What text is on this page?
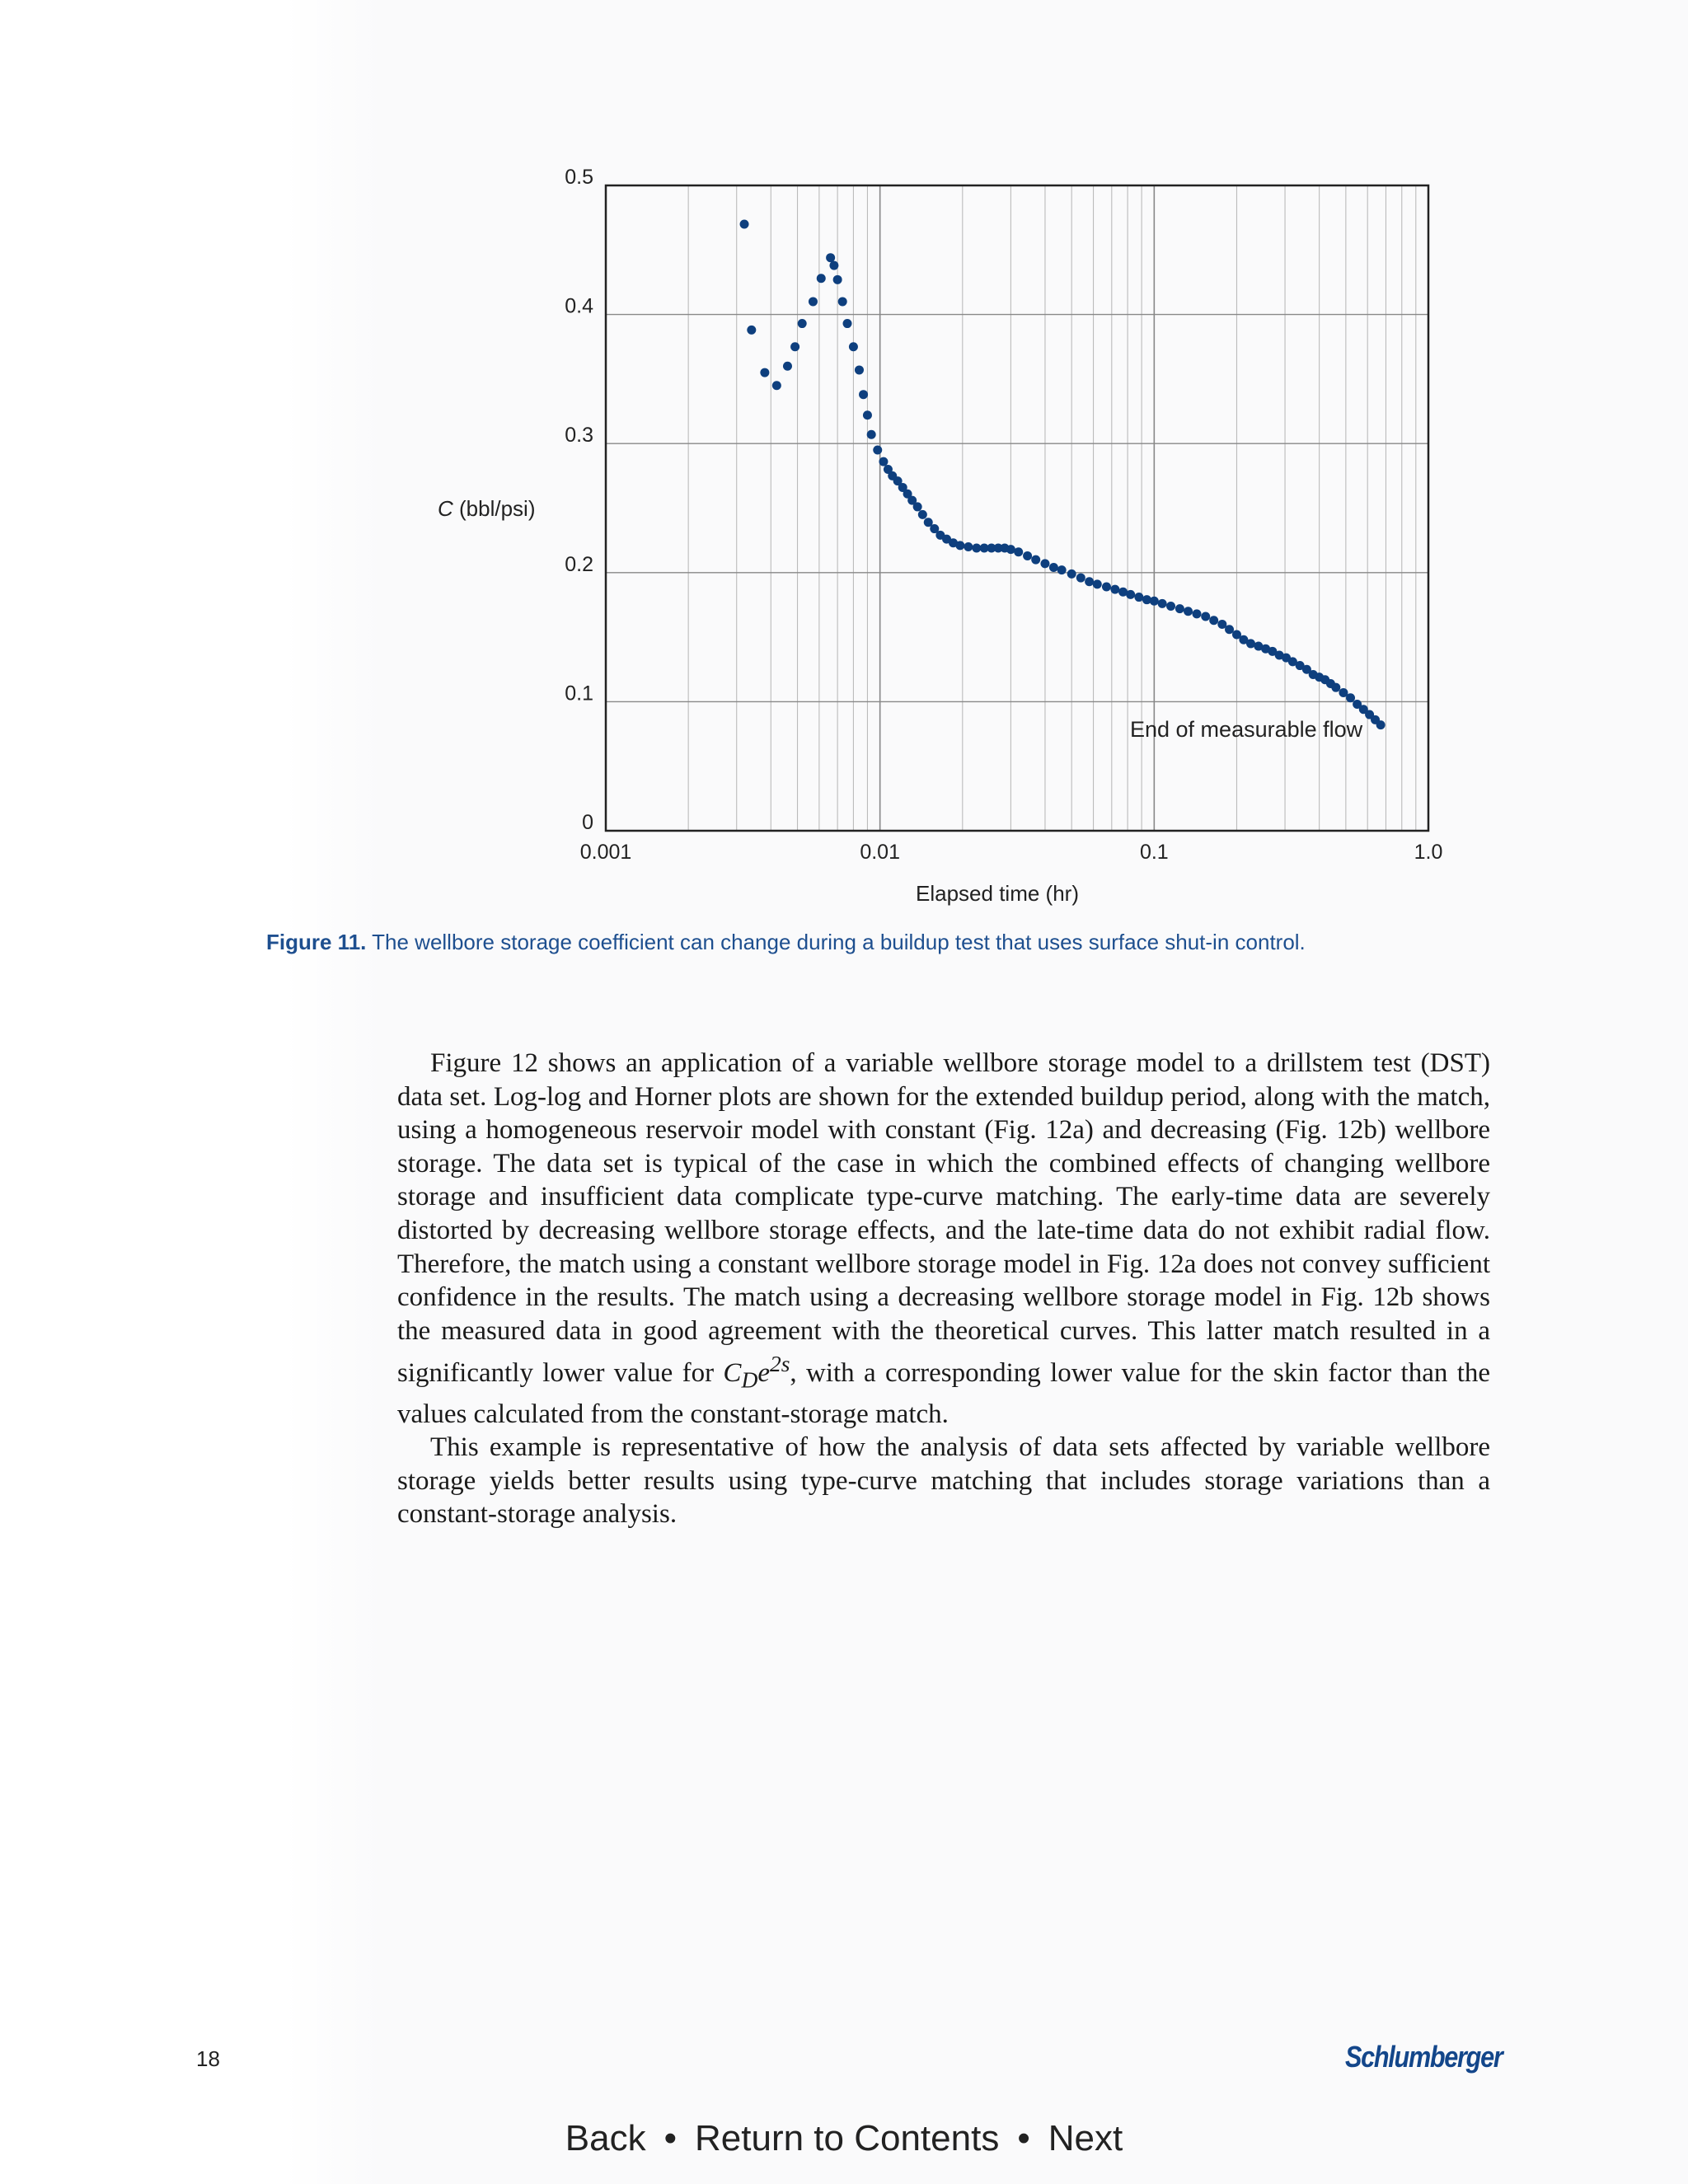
0
0.1
0.2
0.3
0.4
0.5
0.001	0.01	0.1	1.0
C (bbl/psi)
Elapsed time (hr)
End of measurable flow
Figure 11. The wellbore storage coefficient can change during a buildup test that uses surface shut-in control.

Figure 12 shows an application of a variable wellbore storage model to a drillstem test (DST) data set. Log-log and Horner plots are shown for the extended buildup period, along with the match, using a homogeneous reservoir model with constant (Fig. 12a) and decreasing (Fig. 12b) wellbore storage. The data set is typical of the case in which the combined effects of changing wellbore storage and insufficient data complicate type-curve matching. The early-time data are severely distorted by decreasing wellbore storage effects, and the late-time data do not exhibit radial flow. Therefore, the match using a constant wellbore storage model in Fig. 12a does not convey sufficient confidence in the results. The match using a decreasing wellbore storage model in Fig. 12b shows the measured data in good agreement with the theoretical curves. This latter match resulted in a significantly lower value for $C_De^{2s}$, with a corresponding lower value for the skin factor than the values calculated from the constant-storage match.

This example is representative of how the analysis of data sets affected by variable wellbore storage yields better results using type-curve matching that includes storage variations than a constant-storage analysis.

18	Schlumberger
Back • Return to Contents • Next
